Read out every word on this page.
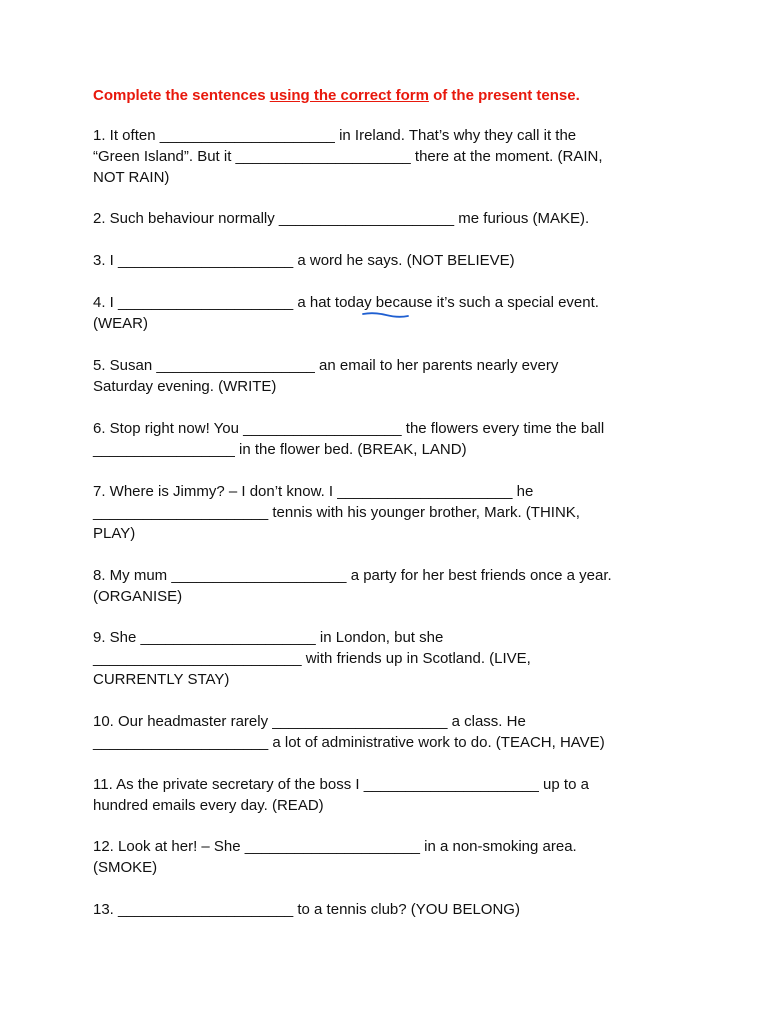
Complete the sentences using the correct form of the present tense.
1. It often _____________________ in Ireland. That’s why they call it the
“Green Island”. But it _____________________ there at the moment. (RAIN,
NOT RAIN)
2. Such behaviour normally _____________________ me furious (MAKE).
3. I _____________________ a word he says. (NOT BELIEVE)
4. I _____________________ a hat today because it’s such a special event.
(WEAR)
5. Susan ___________________ an email to her parents nearly every
Saturday evening. (WRITE)
6. Stop right now! You ___________________ the flowers every time the ball
_________________ in the flower bed. (BREAK, LAND)
7. Where is Jimmy? – I don’t know. I _____________________ he
_____________________ tennis with his younger brother, Mark. (THINK,
PLAY)
8. My mum _____________________ a party for her best friends once a year.
(ORGANISE)
9. She _____________________ in London, but she
_________________________ with friends up in Scotland. (LIVE,
CURRENTLY STAY)
10. Our headmaster rarely _____________________ a class. He
_____________________ a lot of administrative work to do. (TEACH, HAVE)
11. As the private secretary of the boss I _____________________ up to a
hundred emails every day. (READ)
12. Look at her! – She _____________________ in a non-smoking area.
(SMOKE)
13. _____________________ to a tennis club? (YOU BELONG)
